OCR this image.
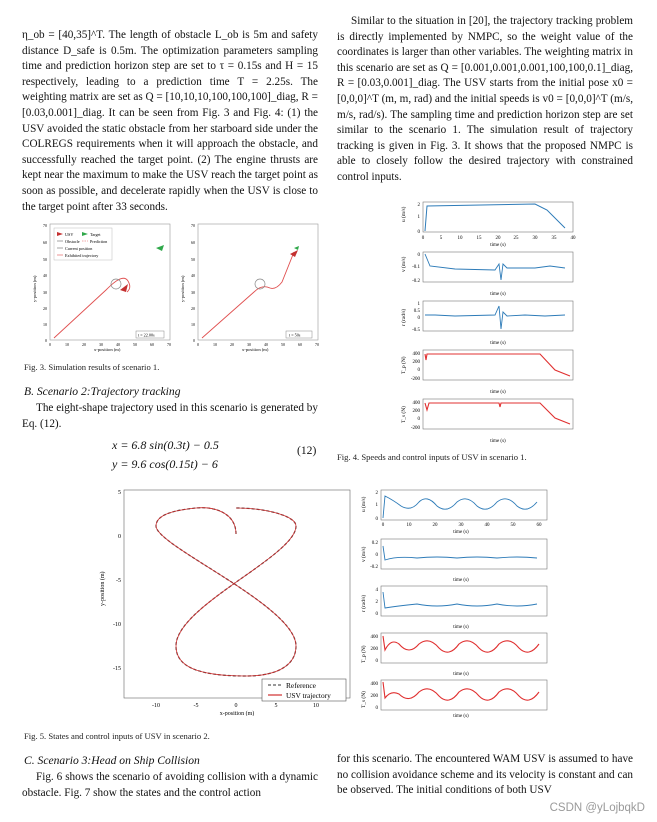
η_ob = [40,35]^T. The length of obstacle L_ob is 5m and safety distance D_safe is 0.5m. The optimization parameters sampling time and prediction horizon step are set to τ = 0.15s and H = 15 respectively, leading to a prediction time T = 2.25s. The weighting matrix are set as Q = [10,10,10,100,100,100]_diag, R = [0.03,0.001]_diag. It can be seen from Fig. 3 and Fig. 4: (1) the USV avoided the static obstacle from her starboard side under the COLREGS requirements when it will approach the obstacle, and successfully reached the target point. (2) The engine thrusts are kept near the maximum to make the USV reach the target point as soon as possible, and decelerate rapidly when the USV is close to the target point after 33 seconds.

Similar to the situation in [20], the trajectory tracking problem is directly implemented by NMPC, so the weight value of the coordinates is larger than other variables. The weighting matrix in this scenario are set as Q = [0.001,0.001,0.001,100,100,0.1]_diag, R = [0.03,0.001]_diag. The USV starts from the initial pose x0 = [0,0,0]^T (m, m, rad) and the initial speeds is v0 = [0,0,0]^T (m/s, m/s, rad/s). The sampling time and prediction horizon step are set similar to the scenario 1. The simulation result of trajectory tracking is given in Fig. 3. It shows that the proposed NMPC is able to closely follow the desired trajectory with constrained control inputs.

USV	Target
Obstacle Prediction
Current position
Exhibited trajectory
t = 22.00s
x-position (m)
y-position (m)
70
60
50
40
30
20
10
0
0	10	20	30	40	50	60	70
t = 50s
x-position (m)
y-position (m)
70
60
50
40
30
20
10
0
0	10	20	30	40	50	60	70
Fig. 3. Simulation results of scenario 1.
B. Scenario 2:Trajectory tracking

The eight-shape trajectory used in this scenario is generated by Eq. (12).

x = 6.8 sin(0.3t) − 0.5
y = 9.6 cos(0.15t) − 6
(12)
u (m/s)
v (m/s)
r (rad/s)
T_p (N)
T_s (N)
2
1
0
0
-0.1
-0.2
1
0.5
0
-0.5
400
200
0
-200
400
200
0
-200
0	5	10	15	20	25	30	35	40
time (s)
time (s)
time (s)
time (s)
time (s)
Fig. 4. Speeds and control inputs of USV in scenario 1.
Reference
USV trajectory
5
0
-5
-10
-15
-10	-5	0	5	10
x-position (m)
y-position (m)
u (m/s)
v (m/s)
r (rad/s)
T_p (N)
T_s (N)
2
1
0
0.2
0
-0.2
4
2
0
400
200
0
400
200
0
0	10	20	30	40	50	60
time (s)
time (s)
time (s)
time (s)
time (s)
Fig. 5. States and control inputs of USV in scenario 2.
C. Scenario 3:Head on Ship Collision

Fig. 6 shows the scenario of avoiding collision with a dynamic obstacle. Fig. 7 show the states and the control action

for this scenario. The encountered WAM USV is assumed to have no collision avoidance scheme and its velocity is constant and can be observed. The initial conditions of both USV

CSDN @yLojbqkD
